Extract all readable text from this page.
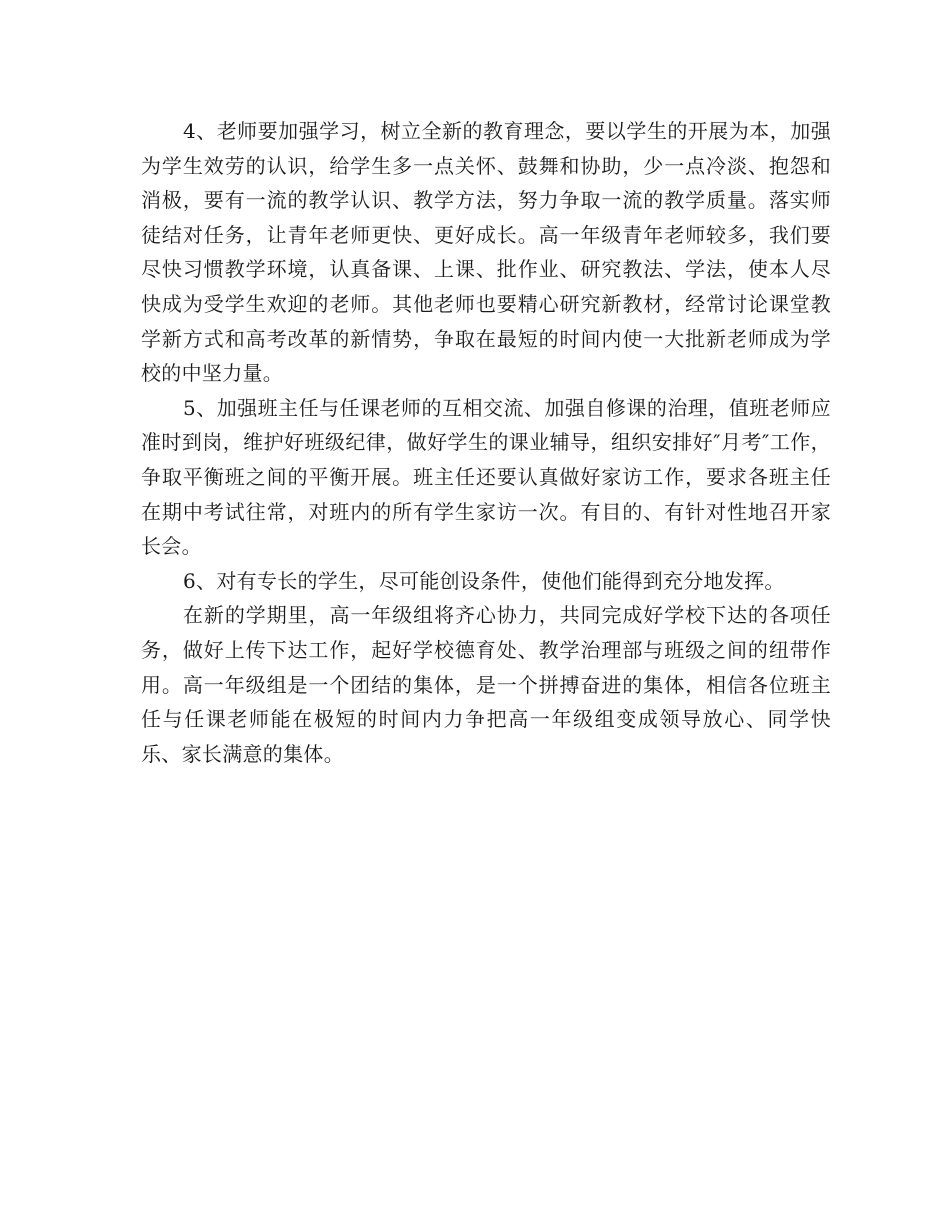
4、老师要加强学习，树立全新的教育理念，要以学生的开展为本，加强为学生效劳的认识，给学生多一点关怀、鼓舞和协助，少一点冷淡、抱怨和消极，要有一流的教学认识、教学方法，努力争取一流的教学质量。落实师徒结对任务，让青年老师更快、更好成长。高一年级青年老师较多，我们要尽快习惯教学环境，认真备课、上课、批作业、研究教法、学法，使本人尽快成为受学生欢迎的老师。其他老师也要精心研究新教材，经常讨论课堂教学新方式和高考改革的新情势，争取在最短的时间内使一大批新老师成为学校的中坚力量。

5、加强班主任与任课老师的互相交流、加强自修课的治理，值班老师应准时到岗，维护好班级纪律，做好学生的课业辅导，组织安排好″月考″工作，争取平衡班之间的平衡开展。班主任还要认真做好家访工作，要求各班主任在期中考试往常，对班内的所有学生家访一次。有目的、有针对性地召开家长会。

6、对有专长的学生，尽可能创设条件，使他们能得到充分地发挥。

在新的学期里，高一年级组将齐心协力，共同完成好学校下达的各项任务，做好上传下达工作，起好学校德育处、教学治理部与班级之间的纽带作用。高一年级组是一个团结的集体，是一个拼搏奋进的集体，相信各位班主任与任课老师能在极短的时间内力争把高一年级组变成领导放心、同学快乐、家长满意的集体。
